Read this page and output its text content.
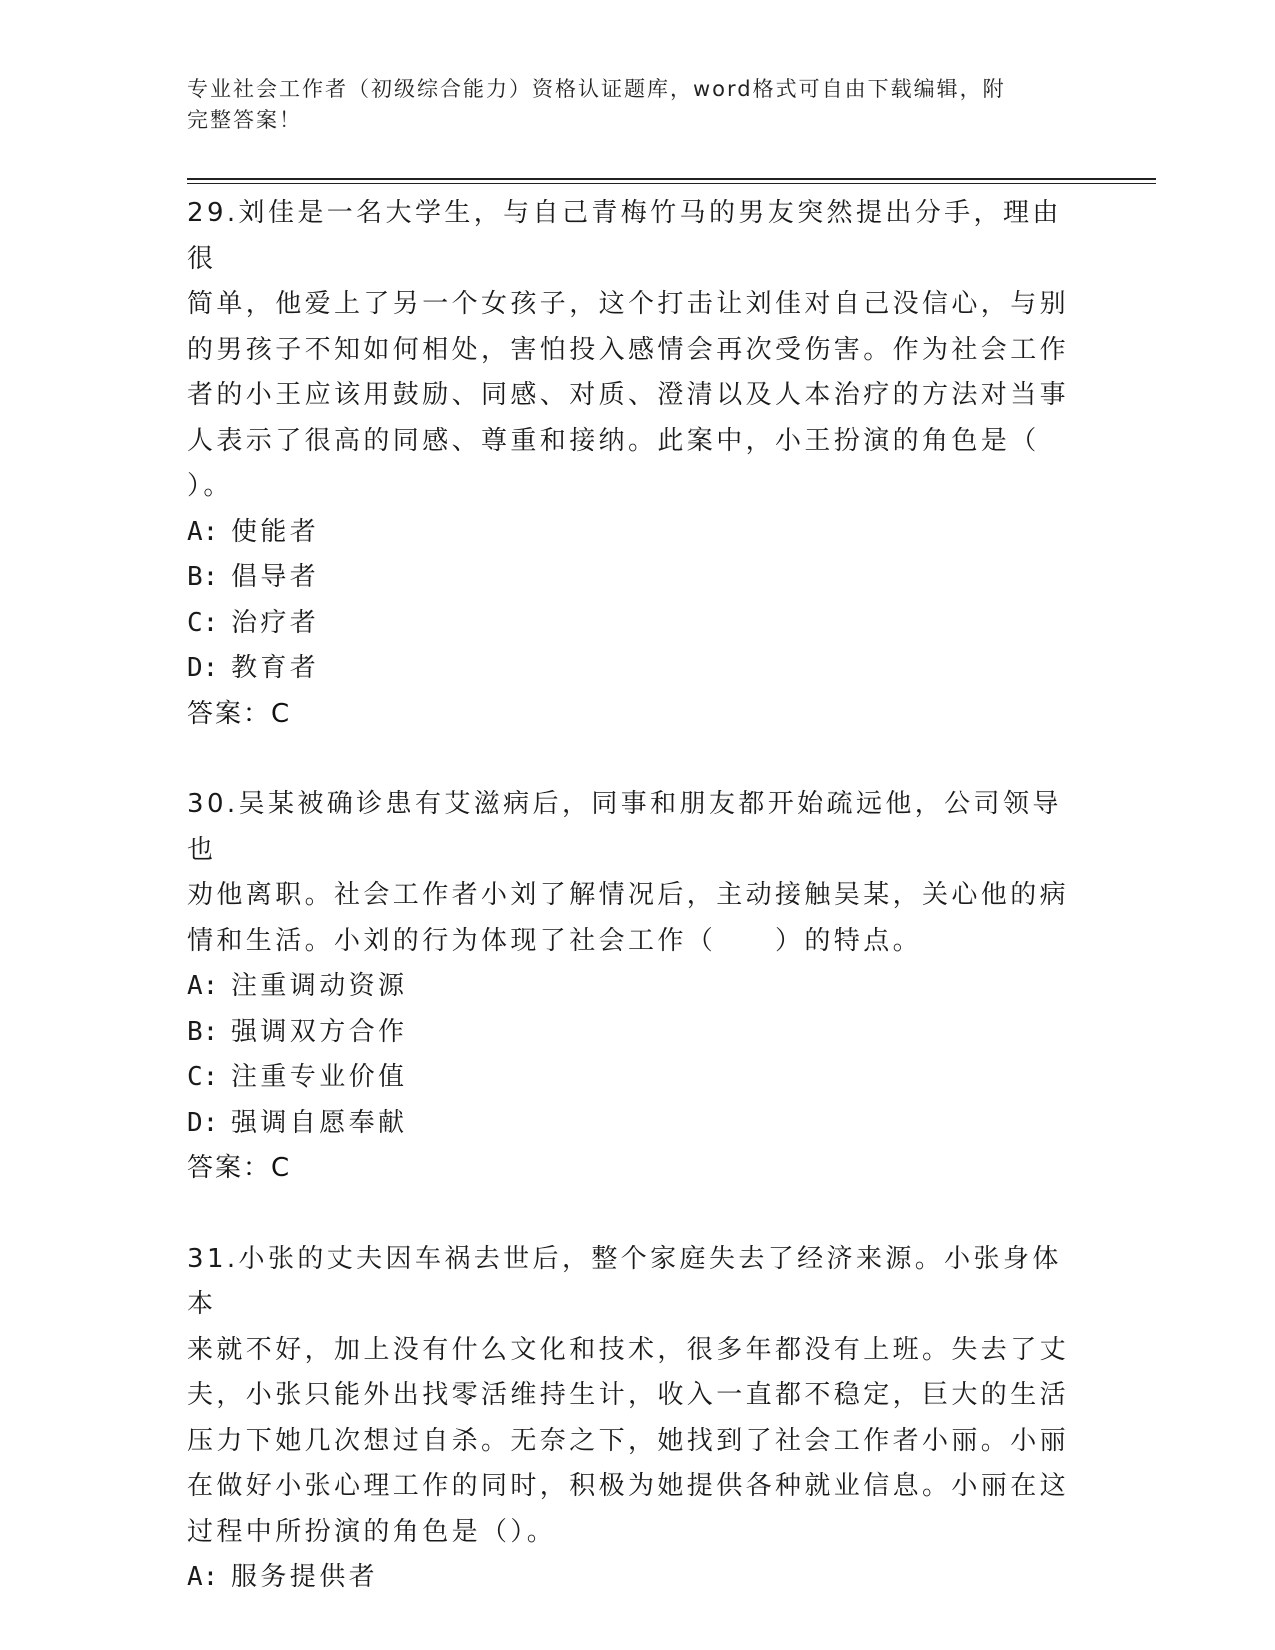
专业社会工作者（初级综合能力）资格认证题库，word格式可自由下载编辑，附
完整答案！

29.刘佳是一名大学生，与自己青梅竹马的男友突然提出分手，理由很

简单，他爱上了另一个女孩子，这个打击让刘佳对自己没信心，与别

的男孩子不知如何相处，害怕投入感情会再次受伤害。作为社会工作

者的小王应该用鼓励、同感、对质、澄清以及人本治疗的方法对当事

人表示了很高的同感、尊重和接纳。此案中，小王扮演的角色是（

）。

A: 使能者

B: 倡导者

C: 治疗者

D: 教育者

答案：C

30.吴某被确诊患有艾滋病后，同事和朋友都开始疏远他，公司领导也

劝他离职。社会工作者小刘了解情况后，主动接触吴某，关心他的病

情和生活。小刘的行为体现了社会工作（　　）的特点。

A: 注重调动资源

B: 强调双方合作

C: 注重专业价值

D: 强调自愿奉献

答案：C

31.小张的丈夫因车祸去世后，整个家庭失去了经济来源。小张身体本

来就不好，加上没有什么文化和技术，很多年都没有上班。失去了丈

夫，小张只能外出找零活维持生计，收入一直都不稳定，巨大的生活

压力下她几次想过自杀。无奈之下，她找到了社会工作者小丽。小丽

在做好小张心理工作的同时，积极为她提供各种就业信息。小丽在这

过程中所扮演的角色是（）。

A: 服务提供者
